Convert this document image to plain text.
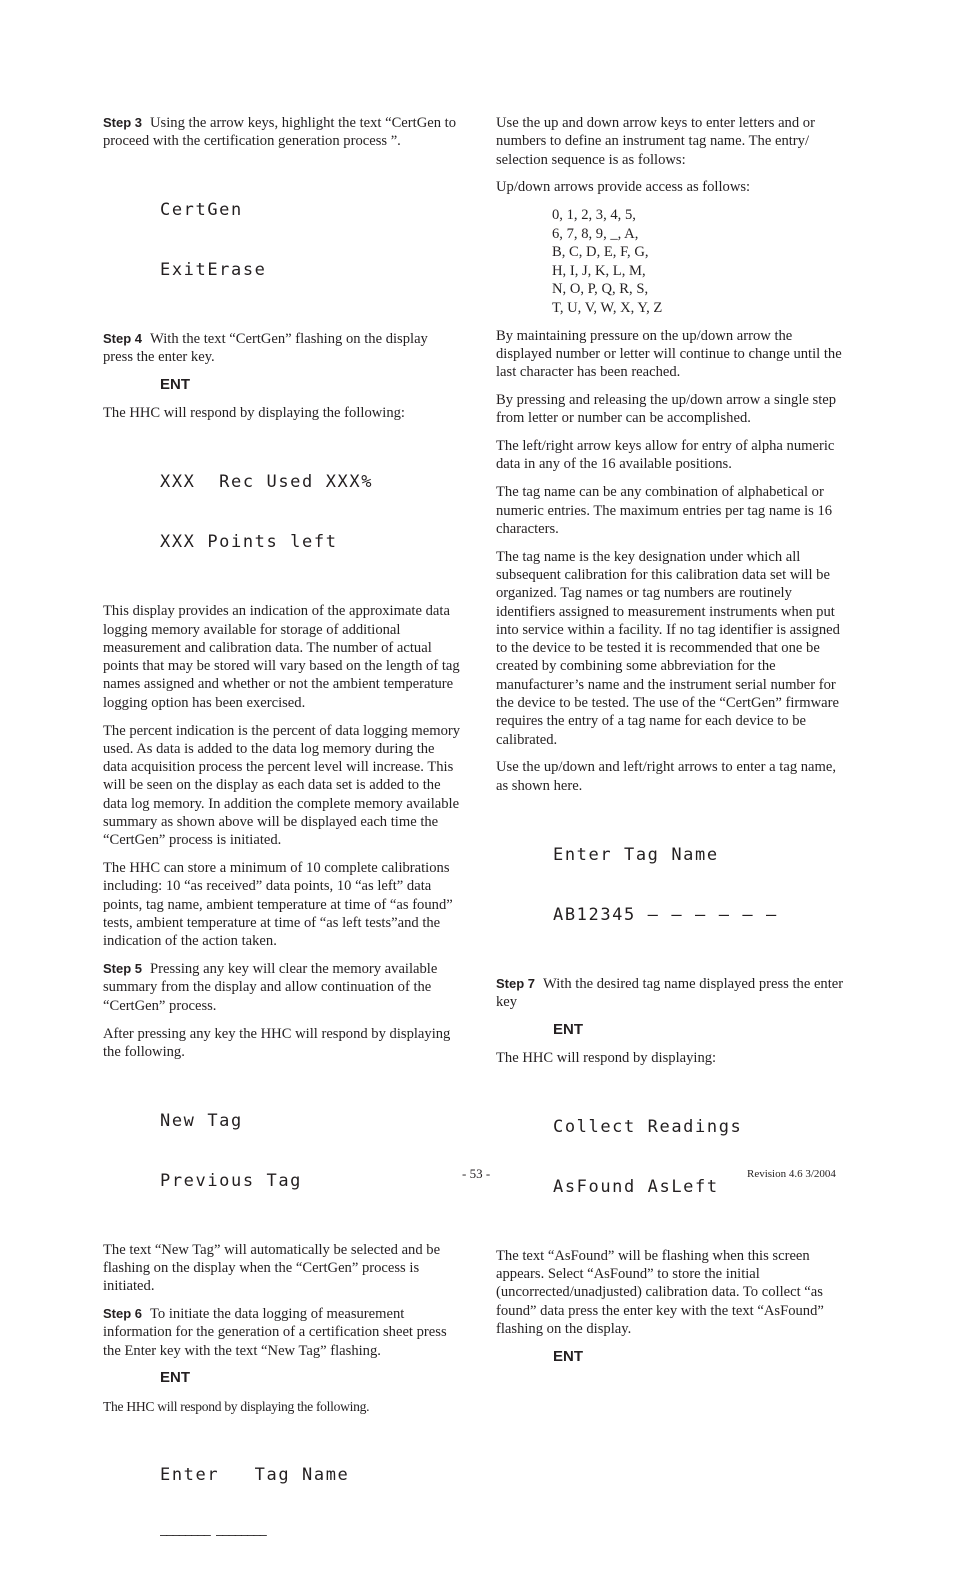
Step 3 Using the arrow keys, highlight the text “CertGen to proceed with the certification generation process ”.

CertGen

ExitErase

Step 4 With the text “CertGen” flashing on the display press the enter key.

ENT

The HHC will respond by displaying the following:

XXX  Rec Used XXX%

XXX Points left

This display provides an indication of the approximate data logging memory available for storage of additional measurement and calibration data. The number of actual points that may be stored will vary based on the length of tag names assigned and whether or not the ambient temperature logging option has been exercised.

The percent indication is the percent of data logging memory used. As data is added to the data log memory during the data acquisition process the percent level will increase. This will be seen on the display as each data set is added to the data log memory. In addition the complete memory available summary as shown above will be displayed each time the “CertGen” process is initiated.

The HHC can store a minimum of 10 complete calibrations including: 10 “as received” data points, 10 “as left” data points, tag name, ambient temperature at time of “as found” tests, ambient temperature at time of “as left tests”and the indication of the action taken.

Step 5 Pressing any key will clear the memory available summary from the display and allow continuation of the “CertGen” process.

After pressing any key the HHC will respond by displaying the following.

New Tag

Previous Tag

The text “New Tag” will automatically be selected and be flashing on the display when the “CertGen” process is initiated.

Step 6 To initiate the data logging of measurement information for the generation of a certification sheet press the Enter key with the text “New Tag” flashing.

ENT

The HHC will respond by displaying the following.

Enter   Tag Name

–––––––– ––––––––

Use the up and down arrow keys to enter letters and or numbers to define an instrument tag name. The entry/ selection sequence is as follows:

Up/down arrows provide access as follows:

0, 1, 2, 3, 4, 5,
6, 7, 8, 9, _, A,
B, C, D, E, F, G,
H, I, J, K, L, M,
N, O, P, Q, R, S,
T, U, V, W, X, Y, Z

By maintaining pressure on the up/down arrow the displayed number or letter will continue to change until the last character has been reached.

By pressing and releasing the up/down arrow a single step from letter or number can be accomplished.

The left/right arrow keys allow for entry of alpha numeric data in any of the 16 available positions.

The tag name can be any combination of alphabetical or numeric entries. The maximum entries per tag name is 16 characters.

The tag name is the key designation under which all subsequent calibration for this calibration data set will be organized. Tag names or tag numbers are routinely identifiers assigned to measurement instruments when put into service within a facility. If no tag identifier is assigned to the device to be tested it is recommended that one be created by combining some abbreviation for the manufacturer’s name and the instrument serial number for the device to be tested. The use of the “CertGen” firmware requires the entry of a tag name for each device to be calibrated.

Use the up/down and left/right arrows to enter a tag name, as shown here.

Enter Tag Name

AB12345 – – – – – –

Step 7 With the desired tag name displayed press the enter key

ENT

The HHC will respond by displaying:

Collect Readings

AsFound AsLeft

The text “AsFound” will be flashing when this screen appears. Select “AsFound” to store the initial (uncorrected/unadjusted) calibration data. To collect “as found” data press the enter key with the text “AsFound” flashing on the display.

ENT
- 53 -	Revision 4.6 3/2004
